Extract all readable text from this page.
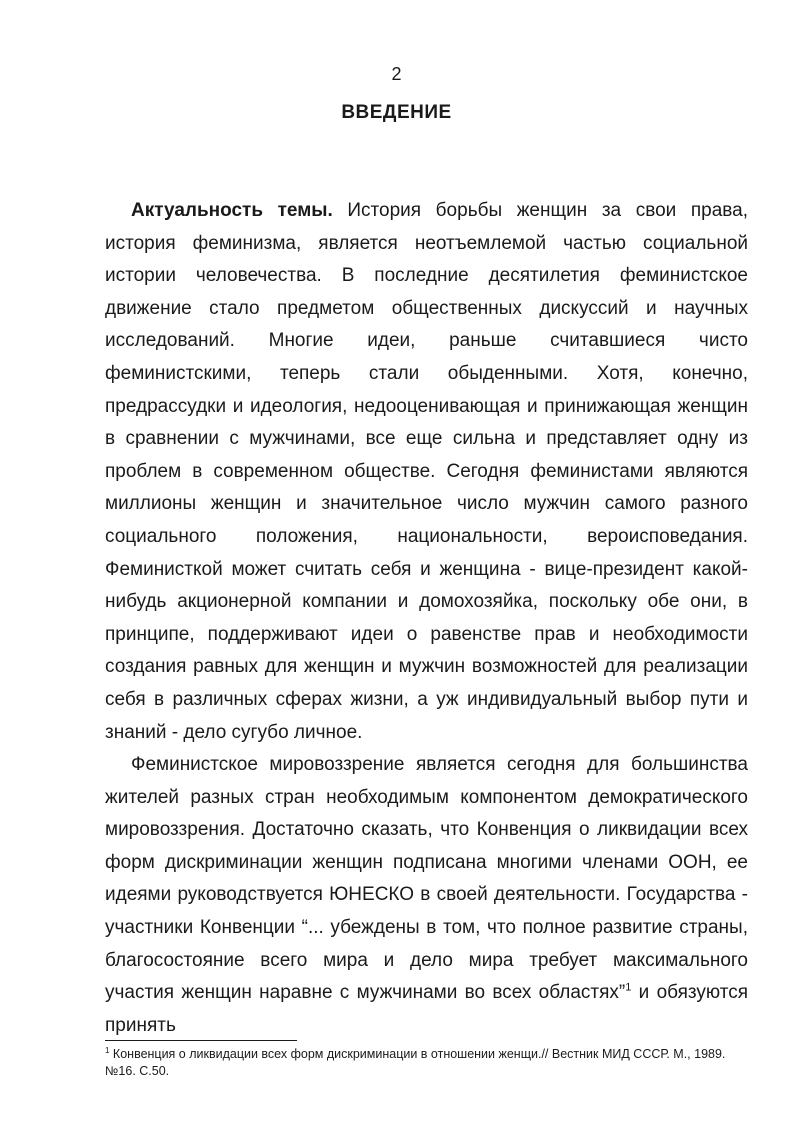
2
ВВЕДЕНИЕ

Актуальность темы. История борьбы женщин за свои права, история феминизма, является неотъемлемой частью социальной истории человечества. В последние десятилетия феминистское движение стало предметом общественных дискуссий и научных исследований. Многие идеи, раньше считавшиеся чисто феминистскими, теперь стали обыденными. Хотя, конечно, предрассудки и идеология, недооценивающая и принижающая женщин в сравнении с мужчинами, все еще сильна и представляет одну из проблем в современном обществе. Сегодня феминистами являются миллионы женщин и значительное число мужчин самого разного социального положения, национальности, вероисповедания. Феминисткой может считать себя и женщина - вице-президент какой-нибудь акционерной компании и домохозяйка, поскольку обе они, в принципе, поддерживают идеи о равенстве прав и необходимости создания равных для женщин и мужчин возможностей для реализации себя в различных сферах жизни, а уж индивидуальный выбор пути и знаний - дело сугубо личное.

Феминистское мировоззрение является сегодня для большинства жителей разных стран необходимым компонентом демократического мировоззрения. Достаточно сказать, что Конвенция о ликвидации всех форм дискриминации женщин подписана многими членами ООН, ее идеями руководствуется ЮНЕСКО в своей деятельности. Государства - участники Конвенции “... убеждены в том, что полное развитие страны, благосостояние всего мира и дело мира требует максимального участия женщин наравне с мужчинами во всех областях”$^1$ и обязуются принять

$^1$ Конвенция о ликвидации всех форм дискриминации в отношении женщи.// Вестник МИД СССР. М., 1989. №16. С.50.
